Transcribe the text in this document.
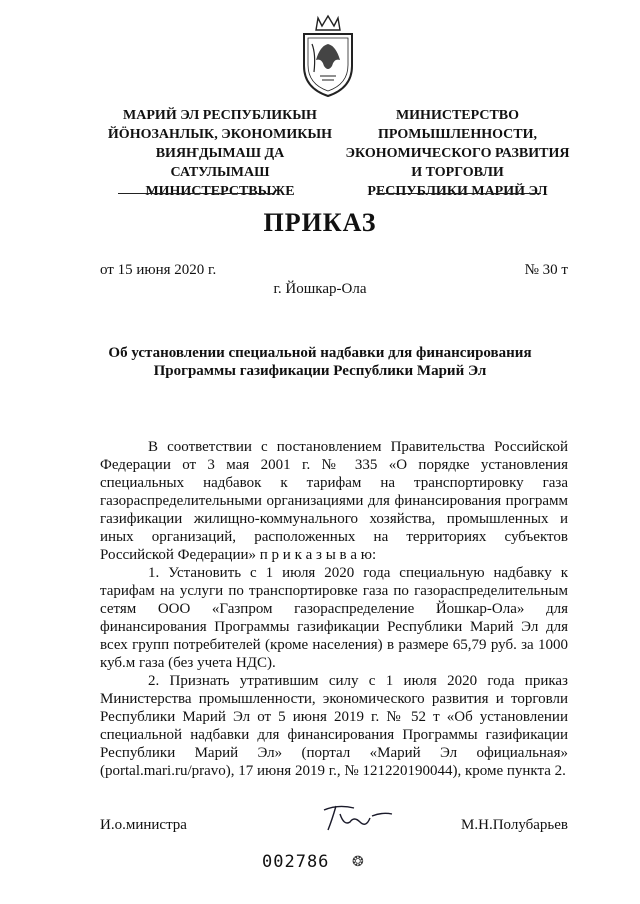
МАРИЙ ЭЛ РЕСПУБЛИКЫН
ЙÖНОЗАНЛЫК, ЭКОНОМИКЫН
ВИЯҤДЫМАШ ДА
САТУЛЫМАШ
МИНИСТЕРСТВЫЖЕ
МИНИСТЕРСТВО
ПРОМЫШЛЕННОСТИ,
ЭКОНОМИЧЕСКОГО РАЗВИТИЯ
И ТОРГОВЛИ
РЕСПУБЛИКИ МАРИЙ ЭЛ
ПРИКАЗ
от 15 июня 2020 г.	№ 30 т
г. Йошкар-Ола
Об установлении специальной надбавки для финансирования
Программы газификации Республики Марий Эл

В соответствии с постановлением Правительства Российской Федерации от 3 мая 2001 г. № 335 «О порядке установления специальных надбавок к тарифам на транспортировку газа газораспределительными организациями для финансирования программ газификации жилищно-коммунального хозяйства, промышленных и иных организаций, расположенных на территориях субъектов Российской Федерации» п р и к а з ы в а ю:

1. Установить с 1 июля 2020 года специальную надбавку к тарифам на услуги по транспортировке газа по газораспределительным сетям ООО «Газпром газораспределение Йошкар-Ола» для финансирования Программы газификации Республики Марий Эл для всех групп потребителей (кроме населения) в размере 65,79 руб. за 1000 куб.м газа (без учета НДС).

2. Признать утратившим силу с 1 июля 2020 года приказ Министерства промышленности, экономического развития и торговли Республики Марий Эл от 5 июня 2019 г. № 52 т «Об установлении специальной надбавки для финансирования Программы газификации Республики Марий Эл» (портал «Марий Эл официальная» (portal.mari.ru/pravo), 17 июня 2019 г., № 121220190044), кроме пункта 2.

И.о.министра	М.Н.Полубарьев
002786 ❂
